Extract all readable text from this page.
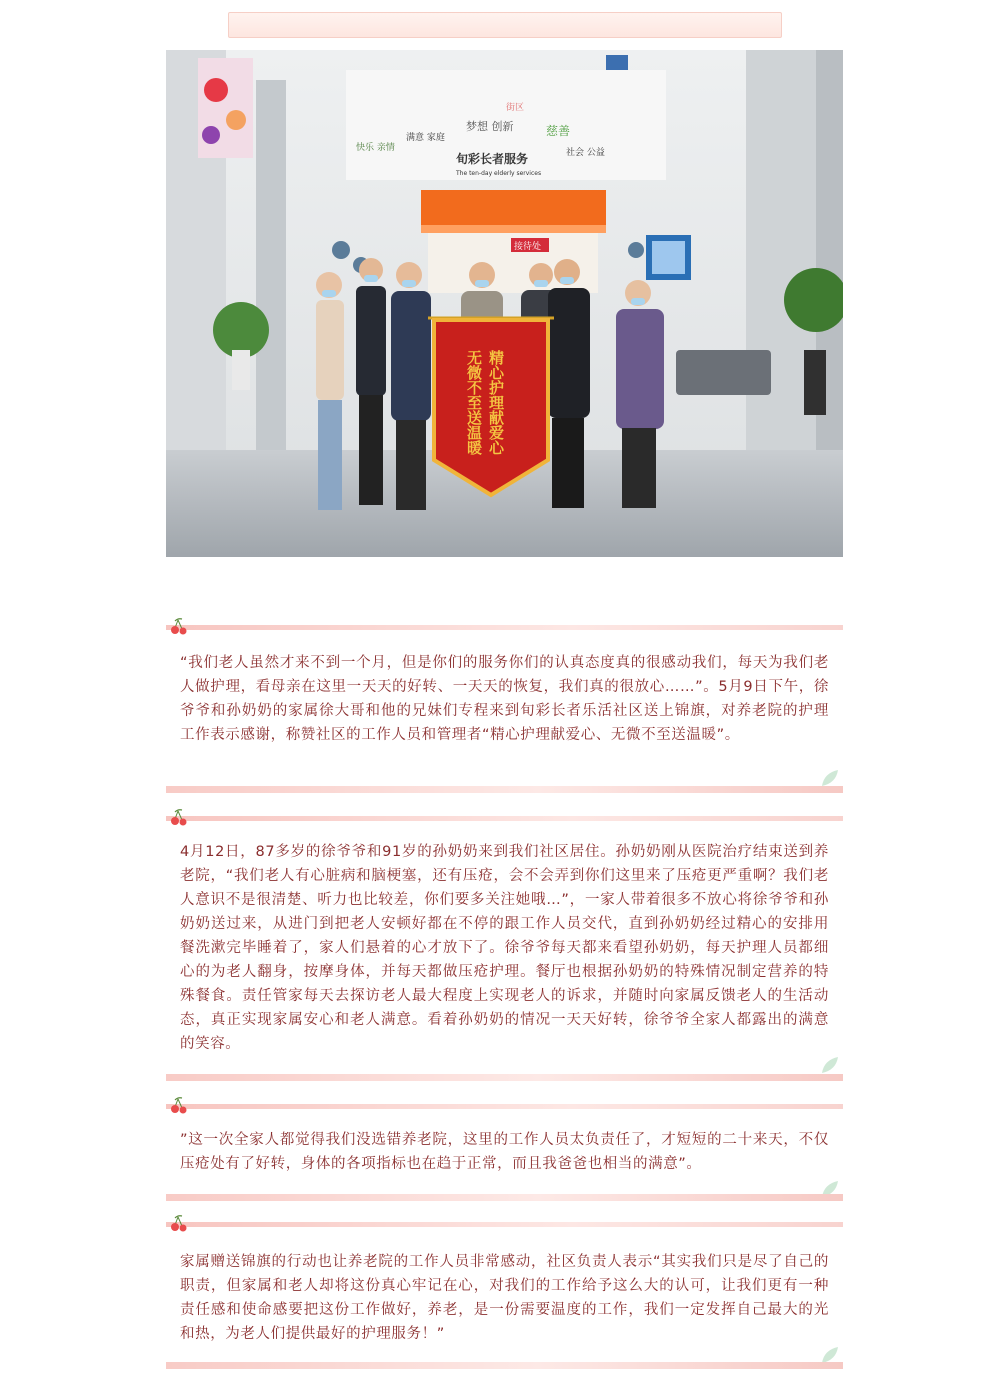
旬彩长者服务
The ten-day elderly services
快乐 亲情
满意 家庭
梦想 创新	慈善
社会 公益
街区
接待处
精心护理献爱心
无微不至送温暖

“我们老人虽然才来不到一个月，但是你们的服务你们的认真态度真的很感动我们，每天为我们老人做护理，看母亲在这里一天天的好转、一天天的恢复，我们真的很放心……”。5月9日下午，徐爷爷和孙奶奶的家属徐大哥和他的兄妹们专程来到旬彩长者乐活社区送上锦旗，对养老院的护理工作表示感谢，称赞社区的工作人员和管理者“精心护理献爱心、无微不至送温暖”。

4月12日，87多岁的徐爷爷和91岁的孙奶奶来到我们社区居住。孙奶奶刚从医院治疗结束送到养老院，“我们老人有心脏病和脑梗塞，还有压疮，会不会弄到你们这里来了压疮更严重啊？我们老人意识不是很清楚、听力也比较差，你们要多关注她哦…”，一家人带着很多不放心将徐爷爷和孙奶奶送过来，从进门到把老人安顿好都在不停的跟工作人员交代，直到孙奶奶经过精心的安排用餐洗漱完毕睡着了，家人们悬着的心才放下了。徐爷爷每天都来看望孙奶奶，每天护理人员都细心的为老人翻身，按摩身体，并每天都做压疮护理。餐厅也根据孙奶奶的特殊情况制定营养的特殊餐食。责任管家每天去探访老人最大程度上实现老人的诉求，并随时向家属反馈老人的生活动态，真正实现家属安心和老人满意。看着孙奶奶的情况一天天好转，徐爷爷全家人都露出的满意的笑容。

”这一次全家人都觉得我们没选错养老院，这里的工作人员太负责任了，才短短的二十来天，不仅压疮处有了好转，身体的各项指标也在趋于正常，而且我爸爸也相当的满意”。

家属赠送锦旗的行动也让养老院的工作人员非常感动，社区负责人表示“其实我们只是尽了自己的职责，但家属和老人却将这份真心牢记在心，对我们的工作给予这么大的认可，让我们更有一种责任感和使命感要把这份工作做好，养老，是一份需要温度的工作，我们一定发挥自己最大的光和热，为老人们提供最好的护理服务！”
